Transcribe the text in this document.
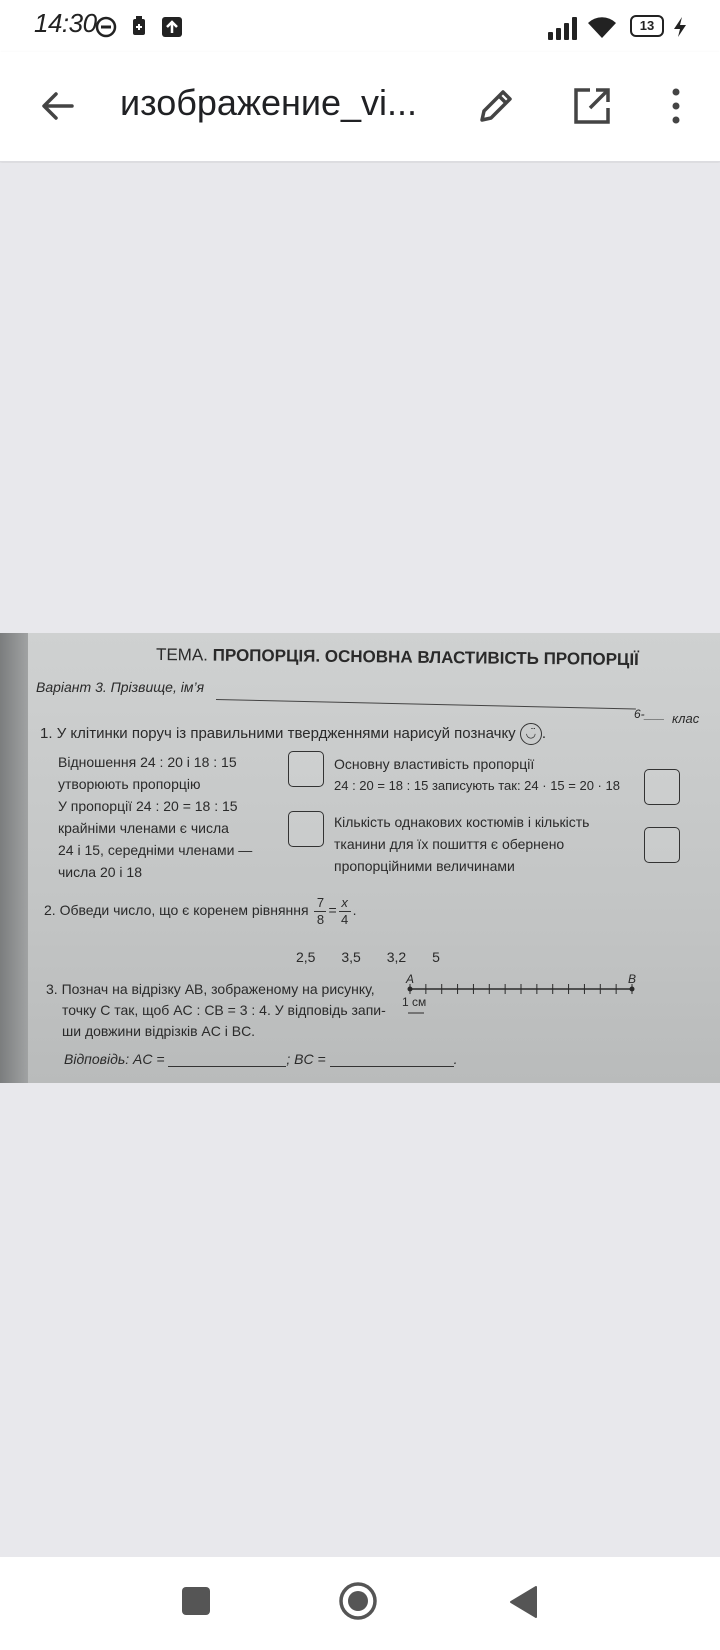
14:30	13
изображение_vi...
ТЕМА. ПРОПОРЦІЯ. ОСНОВНА ВЛАСТИВІСТЬ ПРОПОРЦІЇ
Варіант 3. Прізвище, ім’я
6-___ клас
1. У клітинки поруч із правильними твердженнями нарисуй позначку ◡̈ .
Відношення 24 : 20 і 18 : 15
утворюють пропорцію
У пропорції 24 : 20 = 18 : 15
крайніми членами є числа
24 і 15, середніми членами —
числа 20 і 18
Основну властивість пропорції
24 : 20 = 18 : 15 записують так: 24 · 15 = 20 · 18
Кількість однакових костюмів і кількість
тканини для їх пошиття є обернено
пропорційними величинами
2. Обведи число, що є коренем рівняння $\frac{7}{8} = \frac{x}{4}$ .
2,5 3,5 3,2 5
3. Познач на відрізку AB, зображеному на рисунку,
точку C так, щоб AC : CB = 3 : 4. У відповідь запи-
ши довжини відрізків AC і BC.
A	B
1 см
Відповідь: AC =	; BC =	.
